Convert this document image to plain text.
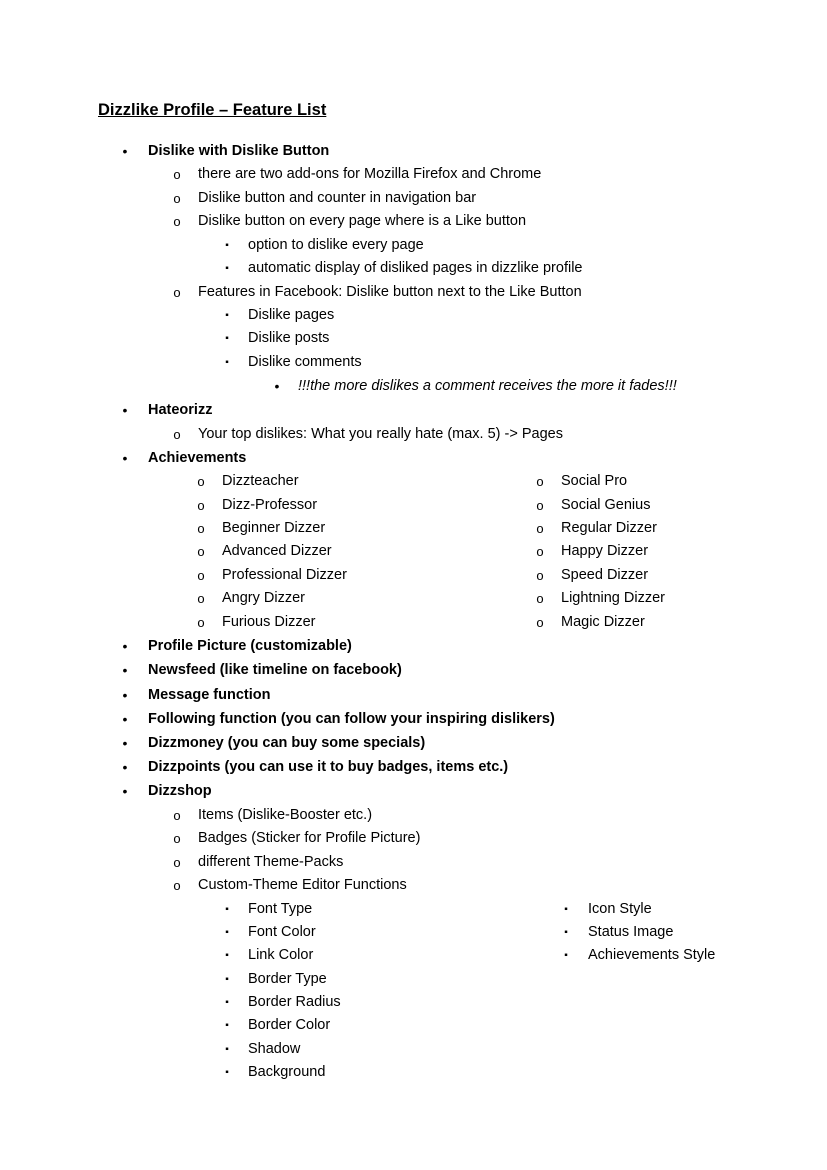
Dizzlike Profile – Feature List
• Dislike with Dislike Button
o there are two add-ons for Mozilla Firefox and Chrome
o Dislike button and counter in navigation bar
o Dislike button on every page where is a Like button
▪ option to dislike every page
▪ automatic display of disliked pages in dizzlike profile
o Features in Facebook: Dislike button next to the Like Button
▪ Dislike pages
▪ Dislike posts
▪ Dislike comments
• !!!the more dislikes a comment receives the more it fades!!!
• Hateorizz
o Your top dislikes: What you really hate (max. 5) -> Pages
• Achievements
o Dizzteacher
o Dizz-Professor
o Beginner Dizzer
o Advanced Dizzer
o Professional Dizzer
o Angry Dizzer
o Furious Dizzer
o Social Pro
o Social Genius
o Regular Dizzer
o Happy Dizzer
o Speed Dizzer
o Lightning Dizzer
o Magic Dizzer
• Profile Picture (customizable)
• Newsfeed (like timeline on facebook)
• Message function
• Following function (you can follow your inspiring dislikers)
• Dizzmoney (you can buy some specials)
• Dizzpoints (you can use it to buy badges, items etc.)
• Dizzshop
o Items (Dislike-Booster etc.)
o Badges (Sticker for Profile Picture)
o different Theme-Packs
o Custom-Theme Editor Functions
▪ Font Type
▪ Font Color
▪ Link Color
▪ Border Type
▪ Border Radius
▪ Border Color
▪ Shadow
▪ Background
▪ Icon Style
▪ Status Image
▪ Achievements Style
